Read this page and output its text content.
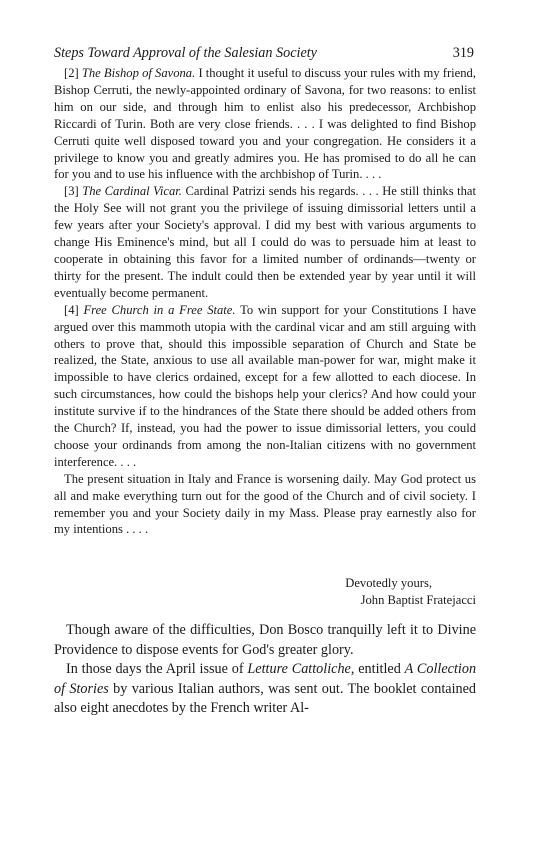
Steps Toward Approval of the Salesian Society	319

[2] The Bishop of Savona. I thought it useful to discuss your rules with my friend, Bishop Cerruti, the newly-appointed ordinary of Savona, for two reasons: to enlist him on our side, and through him to enlist also his predecessor, Archbishop Riccardi of Turin. Both are very close friends. . . . I was delighted to find Bishop Cerruti quite well disposed toward you and your congregation. He considers it a privilege to know you and greatly admires you. He has promised to do all he can for you and to use his influence with the archbishop of Turin. . . .

[3] The Cardinal Vicar. Cardinal Patrizi sends his regards. . . . He still thinks that the Holy See will not grant you the privilege of issuing dimissorial letters until a few years after your Society's approval. I did my best with various arguments to change His Eminence's mind, but all I could do was to persuade him at least to cooperate in obtaining this favor for a limited number of ordinands—twenty or thirty for the present. The indult could then be extended year by year until it will eventually become permanent.

[4] Free Church in a Free State. To win support for your Constitutions I have argued over this mammoth utopia with the cardinal vicar and am still arguing with others to prove that, should this impossible separation of Church and State be realized, the State, anxious to use all available man-power for war, might make it impossible to have clerics ordained, except for a few allotted to each diocese. In such circumstances, how could the bishops help your clerics? And how could your institute survive if to the hindrances of the State there should be added others from the Church? If, instead, you had the power to issue dimissorial letters, you could choose your ordinands from among the non-Italian citizens with no government interference. . . .

The present situation in Italy and France is worsening daily. May God protect us all and make everything turn out for the good of the Church and of civil society. I remember you and your Society daily in my Mass. Please pray earnestly also for my intentions . . . .

Devotedly yours,
John Baptist Fratejacci

Though aware of the difficulties, Don Bosco tranquilly left it to Divine Providence to dispose events for God's greater glory.

In those days the April issue of Letture Cattoliche, entitled A Collection of Stories by various Italian authors, was sent out. The booklet contained also eight anecdotes by the French writer Al-
